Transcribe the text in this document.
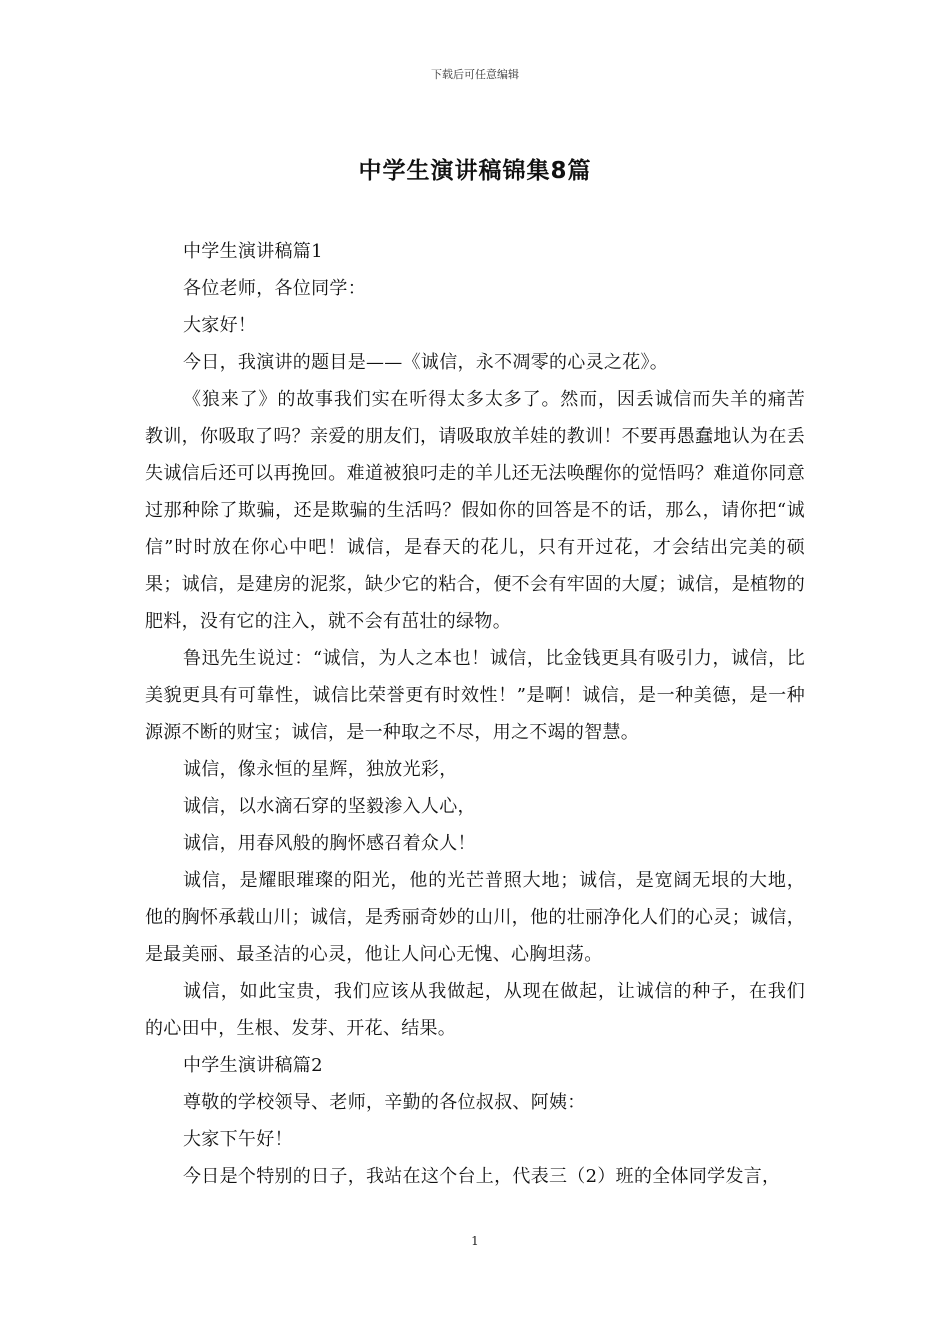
下载后可任意编辑
中学生演讲稿锦集8篇

中学生演讲稿篇1

各位老师，各位同学：

大家好！

今日，我演讲的题目是——《诚信，永不凋零的心灵之花》。

《狼来了》的故事我们实在听得太多太多了。然而，因丢诚信而失羊的痛苦教训，你吸取了吗？亲爱的朋友们，请吸取放羊娃的教训！不要再愚蠢地认为在丢失诚信后还可以再挽回。难道被狼叼走的羊儿还无法唤醒你的觉悟吗？难道你同意过那种除了欺骗，还是欺骗的生活吗？假如你的回答是不的话，那么，请你把“诚信”时时放在你心中吧！诚信，是春天的花儿，只有开过花，才会结出完美的硕果；诚信，是建房的泥浆，缺少它的粘合，便不会有牢固的大厦；诚信，是植物的肥料，没有它的注入，就不会有茁壮的绿物。

鲁迅先生说过：“诚信，为人之本也！诚信，比金钱更具有吸引力，诚信，比美貌更具有可靠性，诚信比荣誉更有时效性！”是啊！诚信，是一种美德，是一种源源不断的财宝；诚信，是一种取之不尽，用之不竭的智慧。

诚信，像永恒的星辉，独放光彩，

诚信，以水滴石穿的坚毅渗入人心，

诚信，用春风般的胸怀感召着众人！

诚信，是耀眼璀璨的阳光，他的光芒普照大地；诚信，是宽阔无垠的大地，他的胸怀承载山川；诚信，是秀丽奇妙的山川，他的壮丽净化人们的心灵；诚信，是最美丽、最圣洁的心灵，他让人问心无愧、心胸坦荡。

诚信，如此宝贵，我们应该从我做起，从现在做起，让诚信的种子，在我们的心田中，生根、发芽、开花、结果。

中学生演讲稿篇2

尊敬的学校领导、老师，辛勤的各位叔叔、阿姨：

大家下午好！

今日是个特别的日子，我站在这个台上，代表三（2）班的全体同学发言，

1
